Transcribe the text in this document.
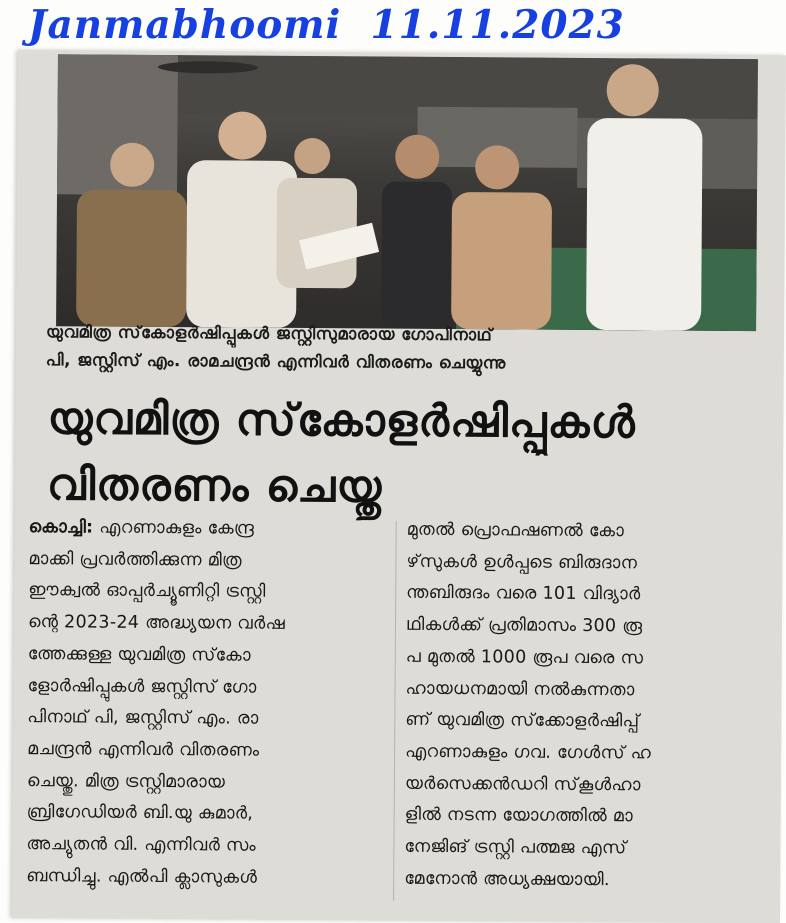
Janmabhoomi 11.11.2023
യുവമിത്ര സ്‌കോളര്‍ഷിപ്പുകള്‍ ജസ്റ്റിസുമാരായ ഗോപിനാഥ്
പി, ജസ്റ്റിസ് എം. രാമചന്ദ്രന്‍ എന്നിവര്‍ വിതരണം ചെയ്യുന്നു
യുവമിത്ര സ്‌കോളര്‍ഷിപ്പുകള്‍
വിതരണം ചെയ്തു
കൊച്ചി: എറണാകുളം കേന്ദ്ര
മാക്കി പ്രവര്‍ത്തിക്കുന്ന മിത്ര
ഈക്വല്‍ ഓപ്പര്‍ച്യൂണിറ്റി ട്രസ്റ്റി
ന്റെ 2023-24 അദ്ധ്യയന വര്‍ഷ
ത്തേക്കുള്ള യുവമിത്ര സ്‌കോ
ളോര്‍ഷിപ്പുകള്‍ ജസ്റ്റിസ് ഗോ
പിനാഥ് പി, ജസ്റ്റിസ് എം. രാ
മചന്ദ്രന്‍ എന്നിവര്‍ വിതരണം
ചെയ്തു. മിത്ര ട്രസ്റ്റിമാരായ
ബ്രിഗേഡിയര്‍ ബി.യു കുമാര്‍,
അച്യുതന്‍ വി. എന്നിവര്‍ സം
ബന്ധിച്ചു. എല്‍പി ക്ലാസുകള്‍
മുതല്‍ പ്രൊഫഷണല്‍ കോ
ഴ്‌സുകള്‍ ഉള്‍പ്പടെ ബിരുദാന
ന്തബിരുദം വരെ 101 വിദ്യാര്‍
ഥികള്‍ക്ക് പ്രതിമാസം 300 രൂ
പ മുതല്‍ 1000 രൂപ വരെ സ
ഹായധനമായി നല്‍കുന്നതാ
ണ് യുവമിത്ര സ്‌ക്കോളര്‍ഷിപ്പ്
എറണാകുളം ഗവ. ഗേള്‍സ് ഹ
യര്‍സെക്കന്‍ഡറി സ്‌കൂള്‍ഹാ
ളില്‍ നടന്ന യോഗത്തില്‍ മാ
നേജിങ് ട്രസ്റ്റി പത്മജ എസ്
മേനോന്‍ അധ്യക്ഷയായി.
